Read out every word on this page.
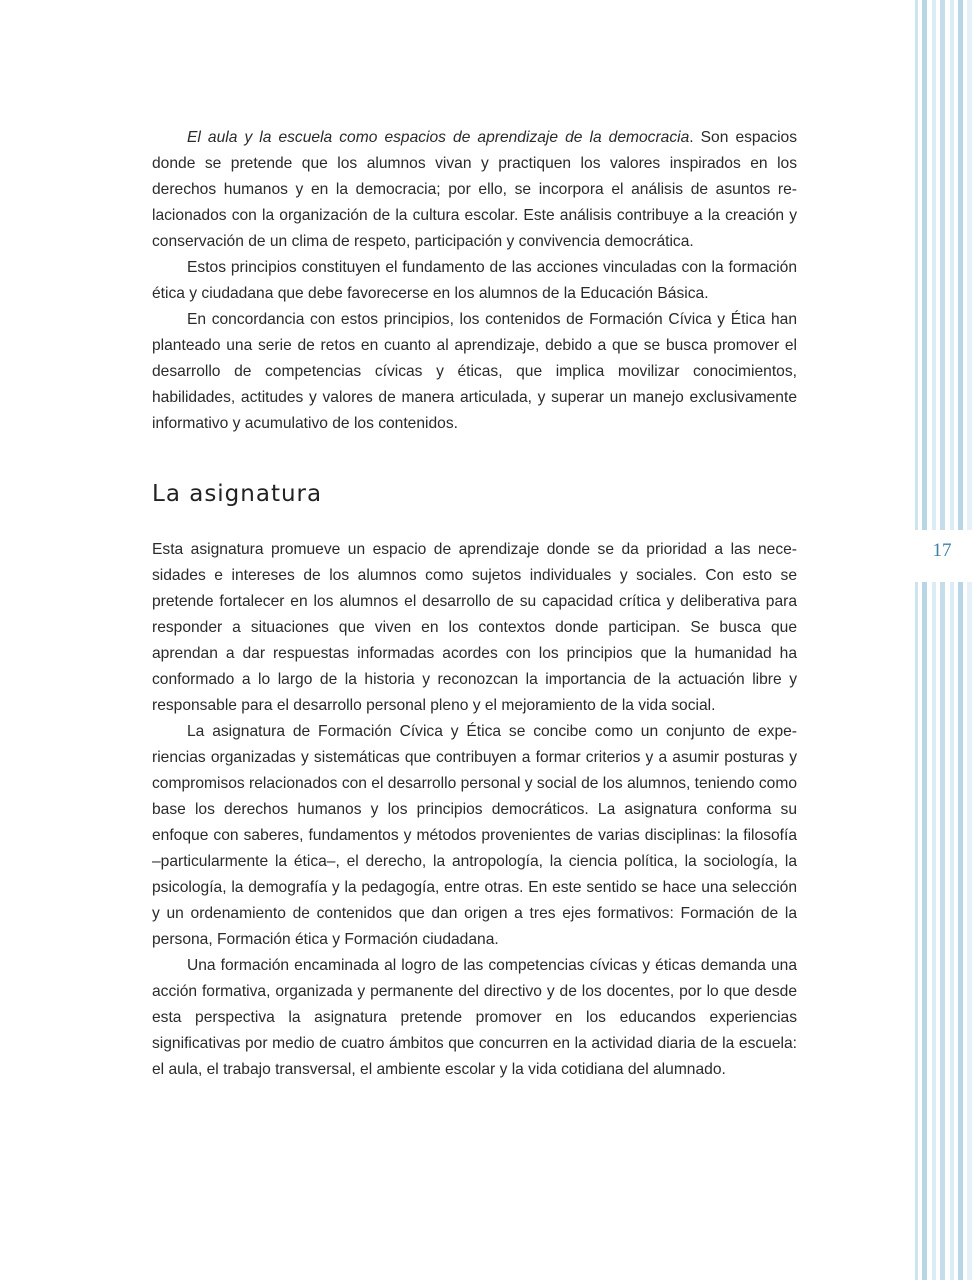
El aula y la escuela como espacios de aprendizaje de la democracia. Son espacios donde se pretende que los alumnos vivan y practiquen los valores inspirados en los derechos humanos y en la democracia; por ello, se incorpora el análisis de asuntos relacionados con la organización de la cultura escolar. Este análisis contribuye a la creación y conservación de un clima de respeto, participación y convivencia democrática.

Estos principios constituyen el fundamento de las acciones vinculadas con la formación ética y ciudadana que debe favorecerse en los alumnos de la Educación Básica.

En concordancia con estos principios, los contenidos de Formación Cívica y Ética han planteado una serie de retos en cuanto al aprendizaje, debido a que se busca promover el desarrollo de competencias cívicas y éticas, que implica movilizar conocimientos, habilidades, actitudes y valores de manera articulada, y superar un manejo exclusivamente informativo y acumulativo de los contenidos.

La asignatura

Esta asignatura promueve un espacio de aprendizaje donde se da prioridad a las necesidades e intereses de los alumnos como sujetos individuales y sociales. Con esto se pretende fortalecer en los alumnos el desarrollo de su capacidad crítica y deliberativa para responder a situaciones que viven en los contextos donde participan. Se busca que aprendan a dar respuestas informadas acordes con los principios que la humanidad ha conformado a lo largo de la historia y reconozcan la importancia de la actuación libre y responsable para el desarrollo personal pleno y el mejoramiento de la vida social.

La asignatura de Formación Cívica y Ética se concibe como un conjunto de experiencias organizadas y sistemáticas que contribuyen a formar criterios y a asumir posturas y compromisos relacionados con el desarrollo personal y social de los alumnos, teniendo como base los derechos humanos y los principios democráticos. La asignatura conforma su enfoque con saberes, fundamentos y métodos provenientes de varias disciplinas: la filosofía –particularmente la ética–, el derecho, la antropología, la ciencia política, la sociología, la psicología, la demografía y la pedagogía, entre otras. En este sentido se hace una selección y un ordenamiento de contenidos que dan origen a tres ejes formativos: Formación de la persona, Formación ética y Formación ciudadana.

Una formación encaminada al logro de las competencias cívicas y éticas demanda una acción formativa, organizada y permanente del directivo y de los docentes, por lo que desde esta perspectiva la asignatura pretende promover en los educandos experiencias significativas por medio de cuatro ámbitos que concurren en la actividad diaria de la escuela: el aula, el trabajo transversal, el ambiente escolar y la vida cotidiana del alumnado.

17
